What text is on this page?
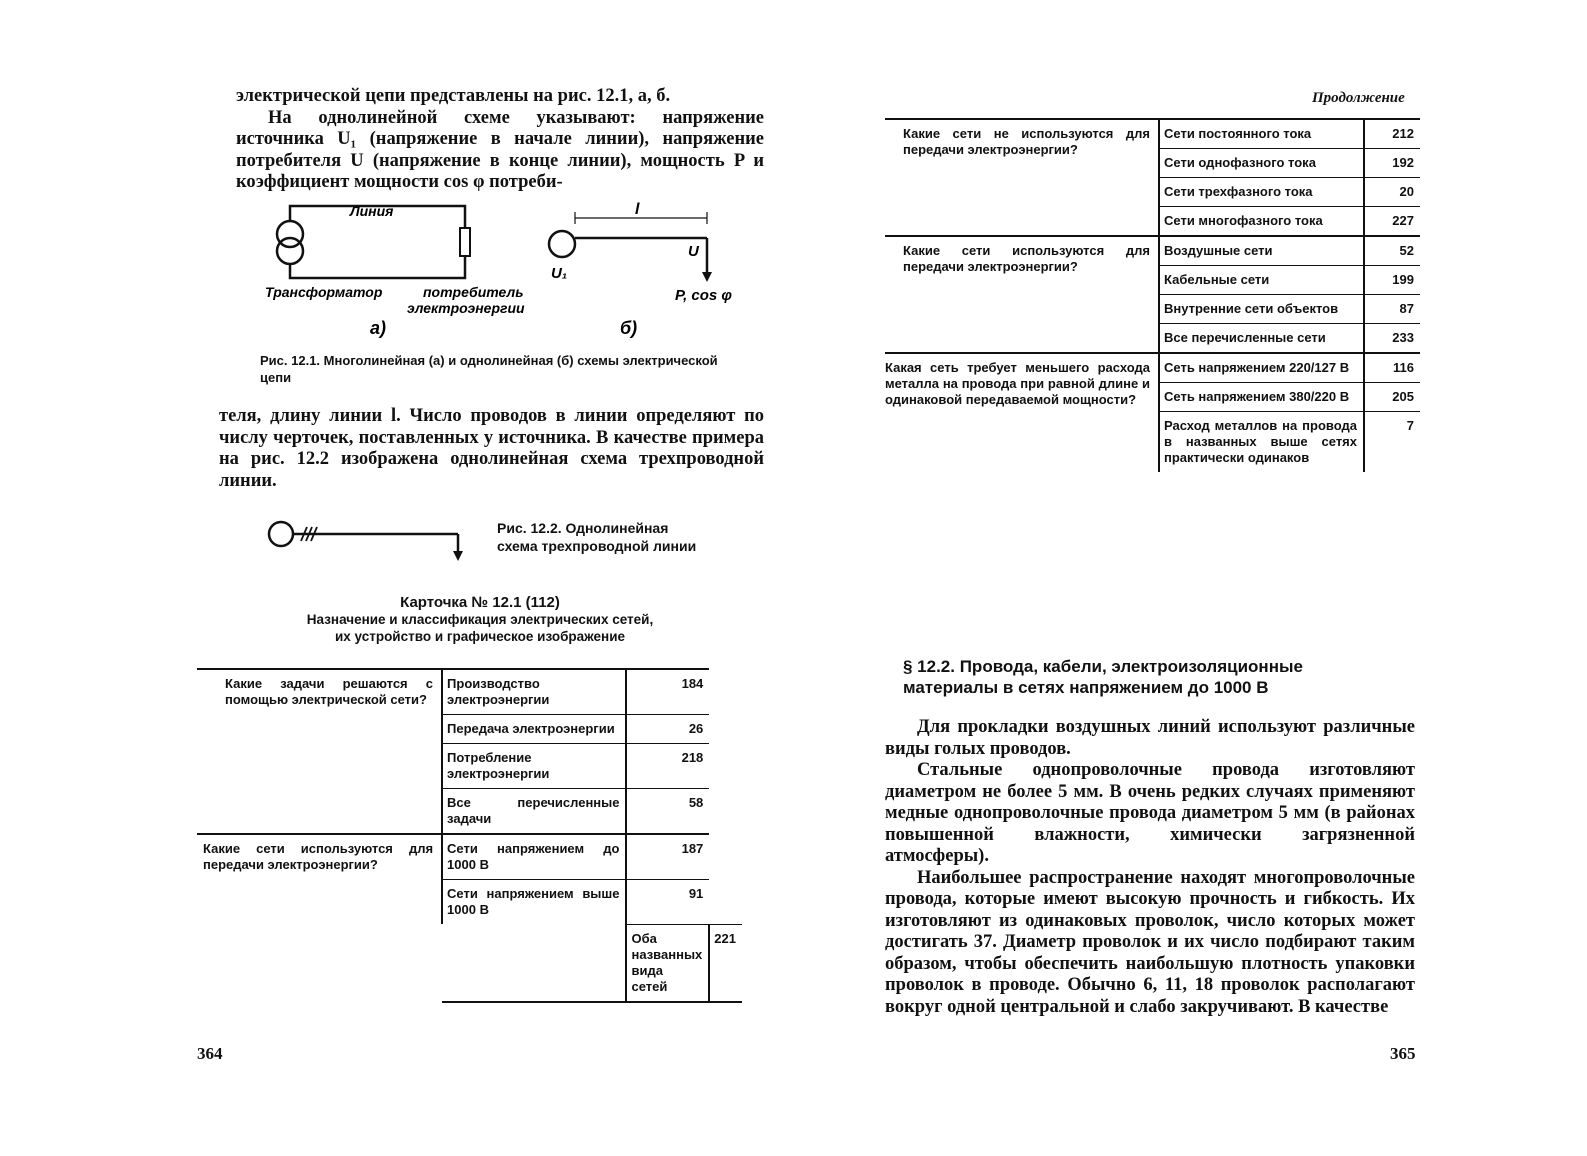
электрической цепи представлены на рис. 12.1, а, б.

На однолинейной схеме указывают: напряжение источника U₁ (напряжение в начале линии), напряжение потребителя U (напряжение в конце линии), мощность P и коэффициент мощности cos φ потреби-

Линия
Трансформатор	потребитель
электроэнергии
а)
l
U₁
U
P, cos φ
б)
Рис. 12.1. Многолинейная (а) и однолинейная (б) схемы электрической цепи

теля, длину линии l. Число проводов в линии определяют по числу черточек, поставленных у источника. В качестве примера на рис. 12.2 изображена однолинейная схема трехпроводной линии.

Рис. 12.2. Однолинейная схема трехпроводной линии
Карточка № 12.1 (112)
Назначение и классификация электрических сетей,
их устройство и графическое изображение
Какие задачи решаются с помощью электрической сети?	Производство электроэнергии	184	
	Передача электроэнергии	26	
	Потребление электроэнергии	218	
	Все перечисленные задачи	58	
Какие сети используются для передачи электроэнергии?	Сети напряжением до 1000 В	187	
	Сети напряжением выше 1000 В	91	
		Оба названных вида сетей	221
364
Продолжение
Какие сети не используются для передачи электроэнергии?	Сети постоянного тока	212
	Сети однофазного тока	192
	Сети трехфазного тока	20
	Сети многофазного тока	227
Какие сети используются для передачи электроэнергии?	Воздушные сети	52
	Кабельные сети	199
	Внутренние сети объектов	87
	Все перечисленные сети	233
Какая сеть требует меньшего расхода металла на провода при равной длине и одинаковой передаваемой мощности?	Сеть напряжением 220/127 В	116
	Сеть напряжением 380/220 В	205
	Расход металлов на провода в названных выше сетях практически одинаков	7
§ 12.2. Провода, кабели, электроизоляционные
материалы в сетях напряжением до 1000 В

Для прокладки воздушных линий используют различные виды голых проводов.

Стальные однопроволочные провода изготовляют диаметром не более 5 мм. В очень редких случаях применяют медные однопроволочные провода диаметром 5 мм (в районах повышенной влажности, химически загрязненной атмосферы).

Наибольшее распространение находят многопроволочные провода, которые имеют высокую прочность и гибкость. Их изготовляют из одинаковых проволок, число которых может достигать 37. Диаметр проволок и их число подбирают таким образом, чтобы обеспечить наибольшую плотность упаковки проволок в проводе. Обычно 6, 11, 18 проволок располагают вокруг одной центральной и слабо закручивают. В качестве

365
